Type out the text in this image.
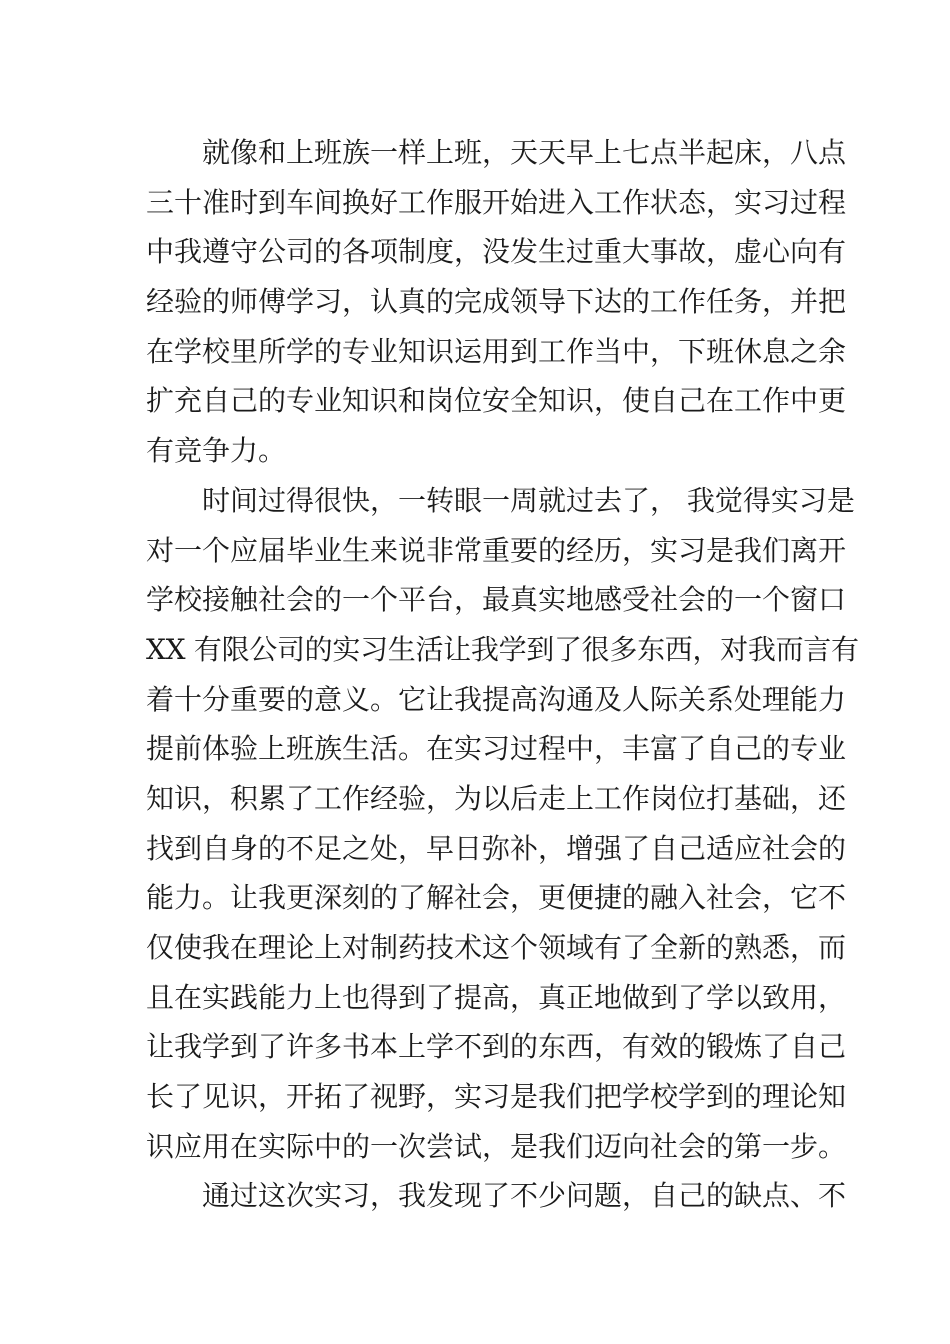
就像和上班族一样上班，天天早上七点半起床，八点
三十准时到车间换好工作服开始进入工作状态，实习过程
中我遵守公司的各项制度，没发生过重大事故，虚心向有
经验的师傅学习，认真的完成领导下达的工作任务，并把
在学校里所学的专业知识运用到工作当中，下班休息之余
扩充自己的专业知识和岗位安全知识，使自己在工作中更
有竞争力。
时间过得很快，一转眼一周就过去了， 我觉得实习是
对一个应届毕业生来说非常重要的经历，实习是我们离开
学校接触社会的一个平台，最真实地感受社会的一个窗口
XX 有限公司的实习生活让我学到了很多东西，对我而言有
着十分重要的意义。它让我提高沟通及人际关系处理能力
提前体验上班族生活。在实习过程中，丰富了自己的专业
知识，积累了工作经验，为以后走上工作岗位打基础，还
找到自身的不足之处，早日弥补，增强了自己适应社会的
能力。让我更深刻的了解社会，更便捷的融入社会，它不
仅使我在理论上对制药技术这个领域有了全新的熟悉，而
且在实践能力上也得到了提高，真正地做到了学以致用，
让我学到了许多书本上学不到的东西，有效的锻炼了自己
长了见识，开拓了视野，实习是我们把学校学到的理论知
识应用在实际中的一次尝试，是我们迈向社会的第一步。
通过这次实习，我发现了不少问题，自己的缺点、不
